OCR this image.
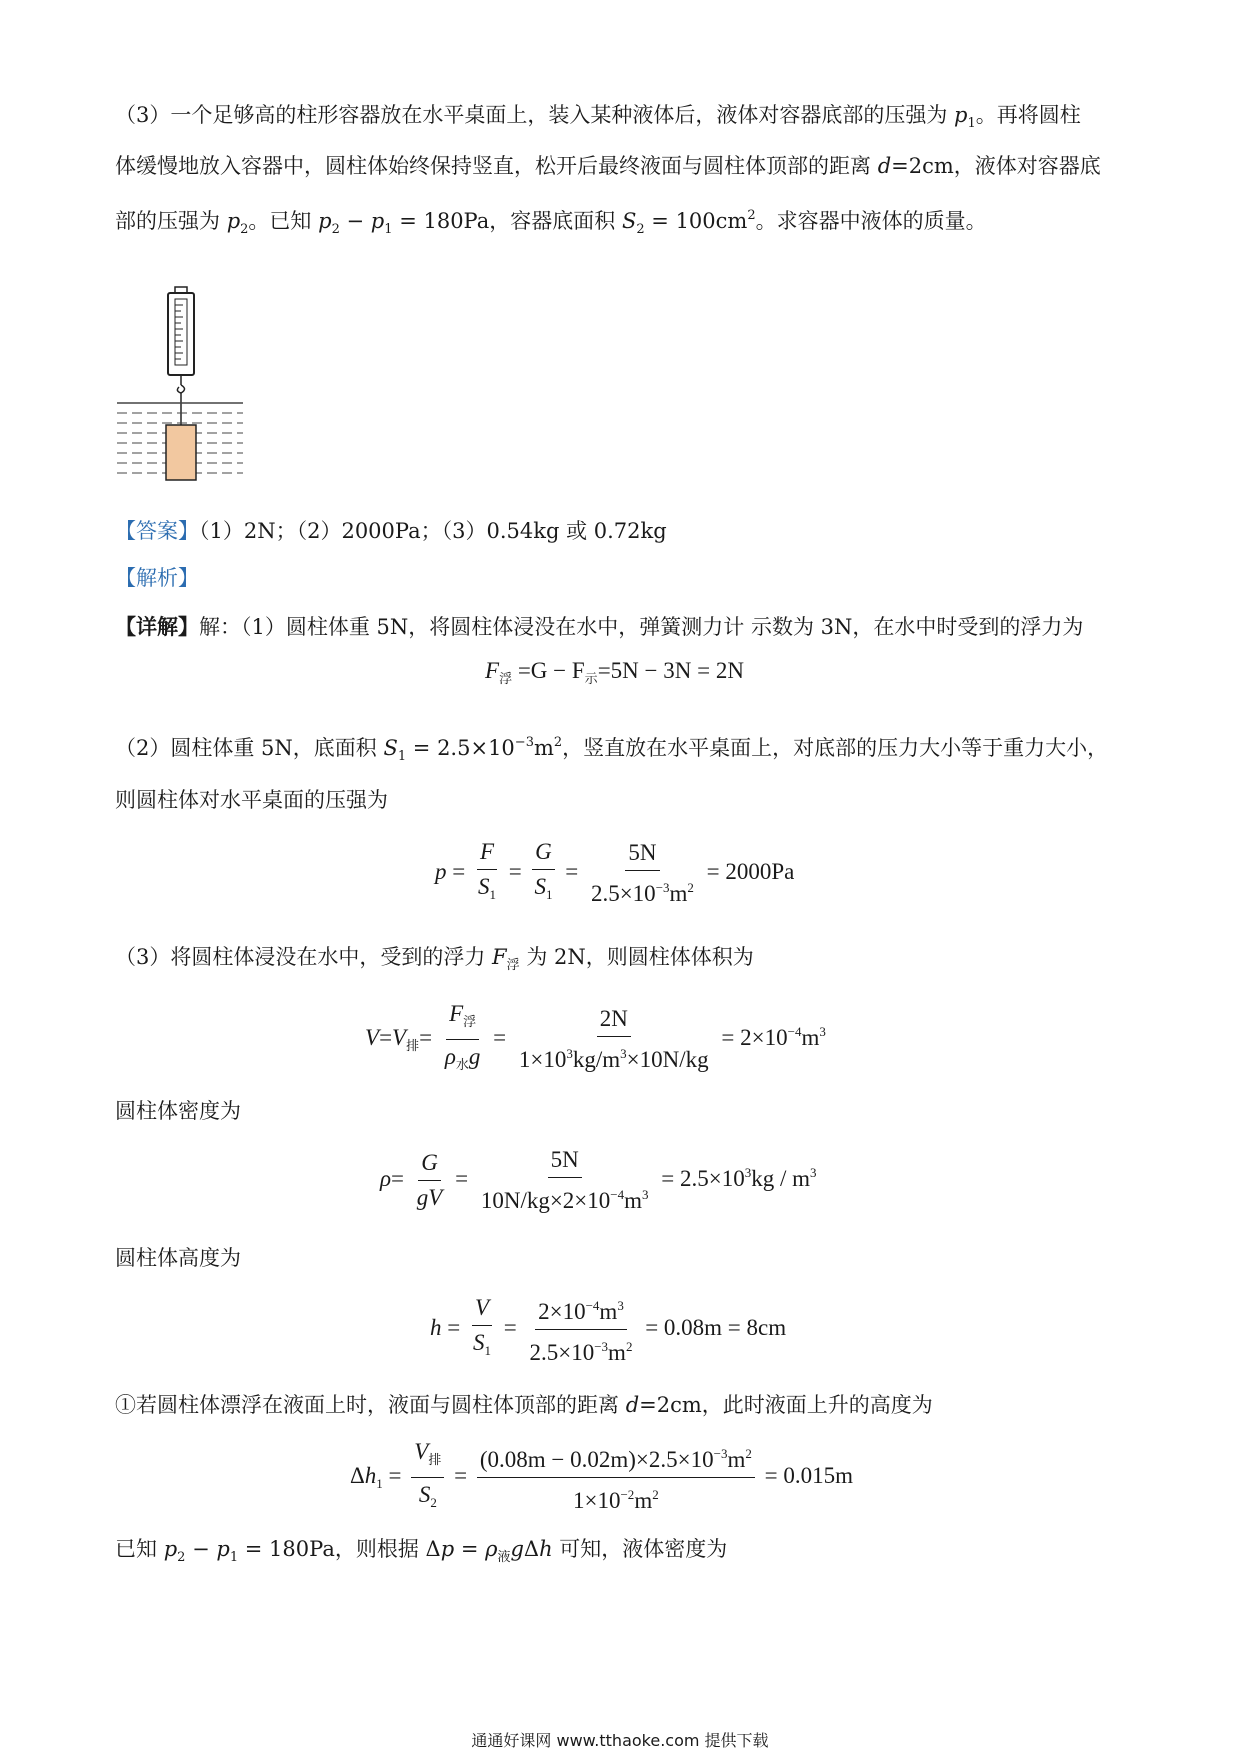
（3）一个足够高的柱形容器放在水平桌面上，装入某种液体后，液体对容器底部的压强为 $p_1$。再将圆柱
体缓慢地放入容器中，圆柱体始终保持竖直，松开后最终液面与圆柱体顶部的距离 d=2cm，液体对容器底
部的压强为 $p_2$。已知 $p_2 - p_1 = 180Pa$，容器底面积 $S_2 = 100cm^2$。求容器中液体的质量。
【答案】（1）2N；（2）2000Pa；（3）0.54kg 或 0.72kg
【解析】
【详解】解：（1）圆柱体重 5N，将圆柱体浸没在水中，弹簧测力计 示数为 3N，在水中时受到的浮力为
$F_浮 =G - F_示=5N - 3N = 2N$
（2）圆柱体重 5N，底面积 $S_1 = 2.5\times 10^{-3}m^2$，竖直放在水平桌面上，对底部的压力大小等于重力大小，
则圆柱体对水平桌面的压强为
$p = \frac{F}{S_1} = \frac{G}{S_1} = \frac{5N}{2.5\times 10^{-3}m^2} = 2000Pa$
（3）将圆柱体浸没在水中，受到的浮力 $F_浮$ 为 2N，则圆柱体体积为
$V=V_排= \frac{F_浮}{\rho_水g} = \frac{2N}{1\times 10^3kg/m^3\times 10N/kg} = 2\times 10^{-4}m^3$
圆柱体密度为
$\rho= \frac{G}{gV} = \frac{5N}{10N/kg\times 2\times 10^{-4}m^3} = 2.5\times 10^3kg / m^3$
圆柱体高度为
$h = \frac{V}{S_1} = \frac{2\times 10^{-4}m^3}{2.5\times 10^{-3}m^2} = 0.08m = 8cm$
①若圆柱体漂浮在液面上时，液面与圆柱体顶部的距离 d=2cm，此时液面上升的高度为
$\Delta h_1 = \frac{V_排}{S_2} = \frac{(0.08m - 0.02m)\times 2.5\times 10^{-3}m^2}{1\times 10^{-2}m^2} = 0.015m$
已知 $p_2 - p_1 = 180Pa$，则根据 $\Delta p = \rho_液g\Delta h$ 可知，液体密度为
通通好课网 www.tthaoke.com 提供下载
